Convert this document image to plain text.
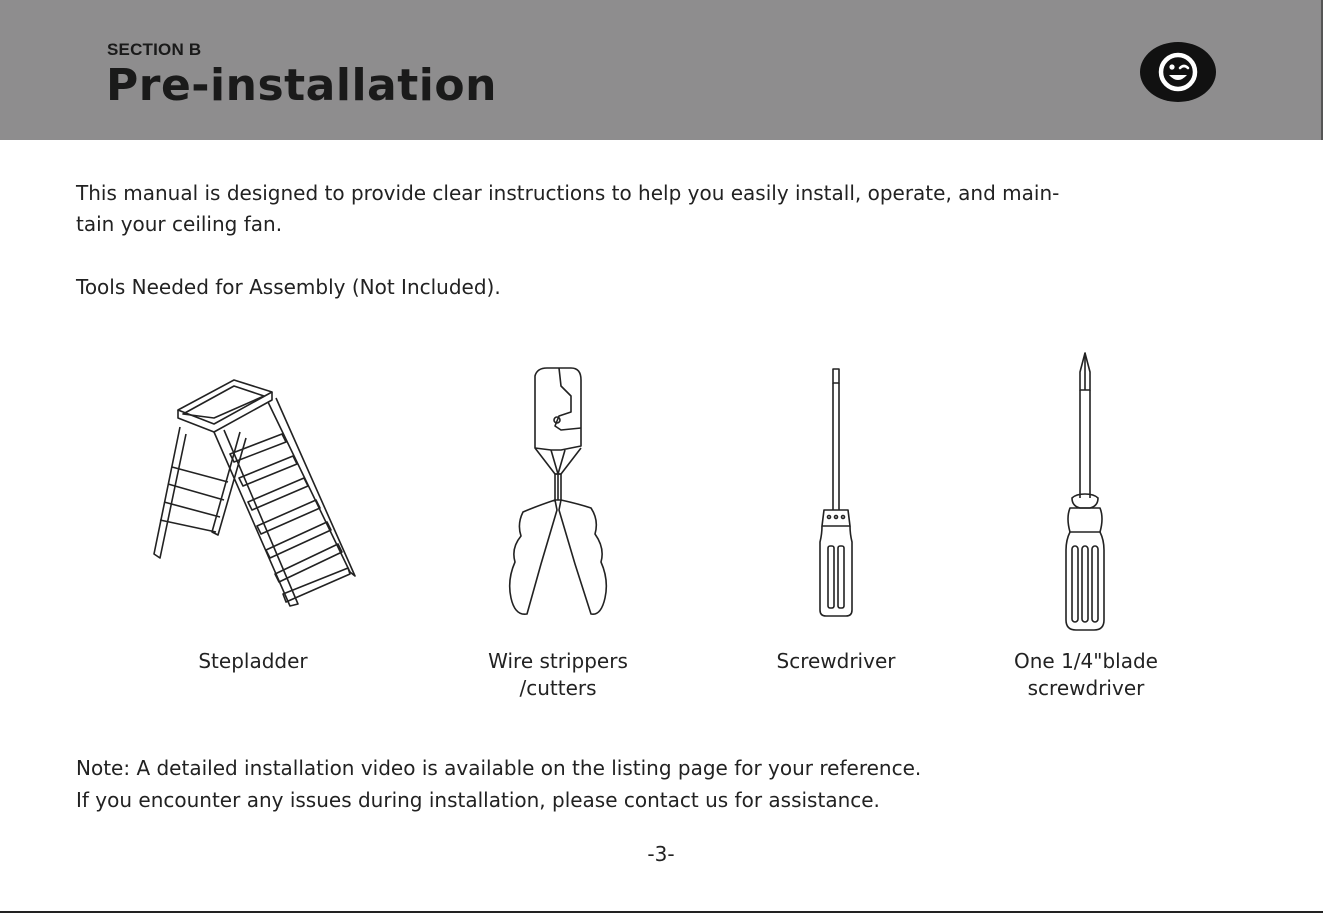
SECTION B
Pre-installation
This manual is designed to provide clear instructions to help you easily install, operate, and main-
tain your ceiling fan.
Tools Needed for Assembly (Not Included).
Stepladder	Wire strippers
/cutters
Screwdriver	One 1/4"blade
screwdriver
Note: A detailed installation video is available on the listing page for your reference.
If you encounter any issues during installation, please contact us for assistance.
-3-
